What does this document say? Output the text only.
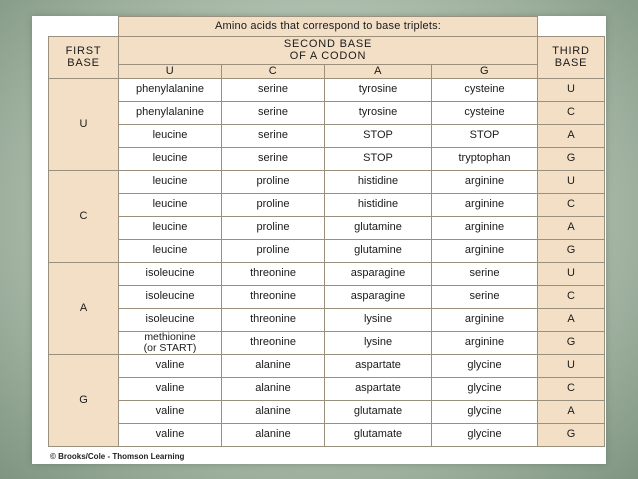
	Amino acids that correspond to base triplets:				
FIRST
BASE	SECOND BASE
OF A CODON				THIRD
BASE
	U	C	A	G	
U	phenylalanine	serine	tyrosine	cysteine	U
	phenylalanine	serine	tyrosine	cysteine	C
	leucine	serine	STOP	STOP	A
	leucine	serine	STOP	tryptophan	G
C	leucine	proline	histidine	arginine	U
	leucine	proline	histidine	arginine	C
	leucine	proline	glutamine	arginine	A
	leucine	proline	glutamine	arginine	G
A	isoleucine	threonine	asparagine	serine	U
	isoleucine	threonine	asparagine	serine	C
	isoleucine	threonine	lysine	arginine	A
	methionine
(or START)	threonine	lysine	arginine	G
G	valine	alanine	aspartate	glycine	U
	valine	alanine	aspartate	glycine	C
	valine	alanine	glutamate	glycine	A
	valine	alanine	glutamate	glycine	G
© Brooks/Cole - Thomson Learning
